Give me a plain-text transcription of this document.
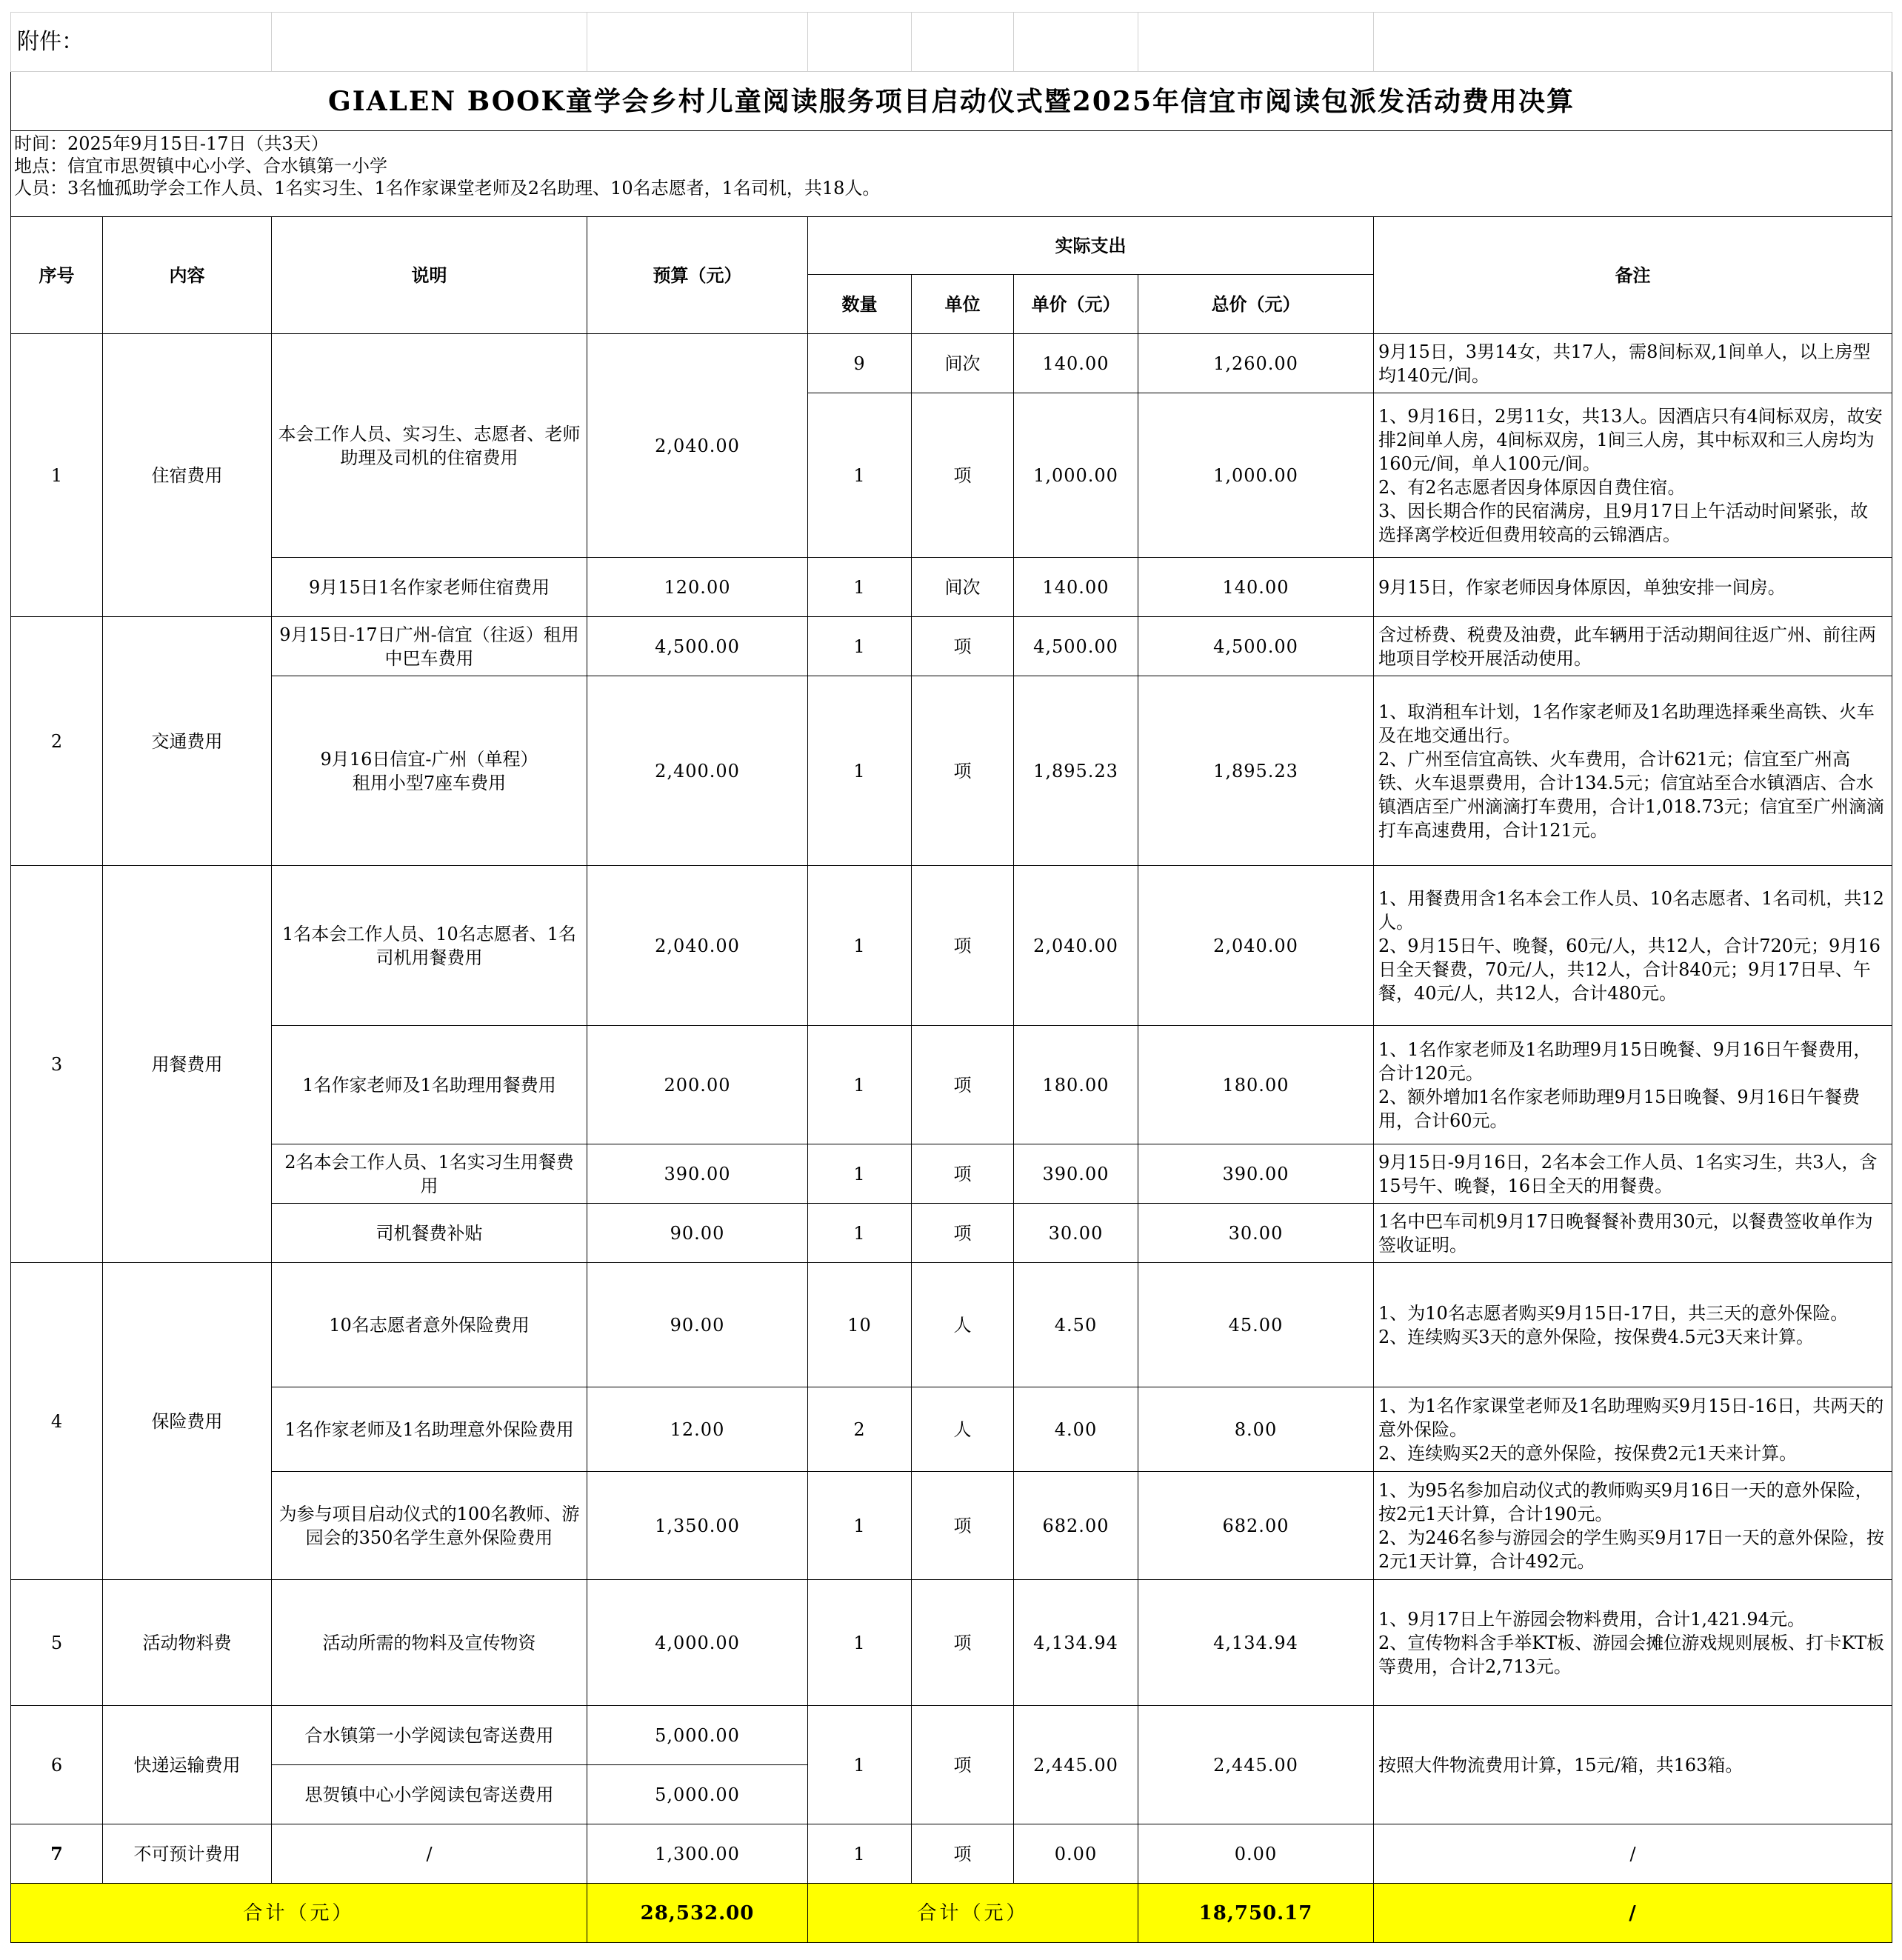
附件：								
GIALEN BOOK童学会乡村儿童阅读服务项目启动仪式暨2025年信宜市阅读包派发活动费用决算								

时间：2025年9月15日-17日（共3天）
地点：信宜市思贺镇中心小学、合水镇第一小学
人员：3名恤孤助学会工作人员、1名实习生、1名作家课堂老师及2名助理、10名志愿者，1名司机，共18人。								

序号	内容	说明	预算（元）	实际支出				备注
				数量	单位	单价（元）	总价（元）	
1	住宿费用	本会工作人员、实习生、志愿者、老师助理及司机的住宿费用	2,040.00	9	间次	140.00	1,260.00	9月15日，3男14女，共17人，需8间标双,1间单人，以上房型均140元/间。
				1	项	1,000.00	1,000.00	1、9月16日，2男11女，共13人。因酒店只有4间标双房，故安排2间单人房，4间标双房，1间三人房，其中标双和三人房均为160元/间，单人100元/间。
2、有2名志愿者因身体原因自费住宿。
3、因长期合作的民宿满房，且9月17日上午活动时间紧张，故选择离学校近但费用较高的云锦酒店。
		9月15日1名作家老师住宿费用	120.00	1	间次	140.00	140.00	9月15日，作家老师因身体原因，单独安排一间房。
2	交通费用	9月15日-17日广州-信宜（往返）租用中巴车费用	4,500.00	1	项	4,500.00	4,500.00	含过桥费、税费及油费，此车辆用于活动期间往返广州、前往两地项目学校开展活动使用。
		9月16日信宜-广州（单程）
租用小型7座车费用	2,400.00	1	项	1,895.23	1,895.23	1、取消租车计划，1名作家老师及1名助理选择乘坐高铁、火车及在地交通出行。
2、广州至信宜高铁、火车费用，合计621元；信宜至广州高铁、火车退票费用，合计134.5元；信宜站至合水镇酒店、合水镇酒店至广州滴滴打车费用，合计1,018.73元；信宜至广州滴滴打车高速费用，合计121元。
3	用餐费用	1名本会工作人员、10名志愿者、1名司机用餐费用	2,040.00	1	项	2,040.00	2,040.00	1、用餐费用含1名本会工作人员、10名志愿者、1名司机，共12人。
2、9月15日午、晚餐，60元/人，共12人，合计720元；9月16日全天餐费，70元/人，共12人，合计840元；9月17日早、午餐，40元/人，共12人，合计480元。
		1名作家老师及1名助理用餐费用	200.00	1	项	180.00	180.00	1、1名作家老师及1名助理9月15日晚餐、9月16日午餐费用，合计120元。
2、额外增加1名作家老师助理9月15日晚餐、9月16日午餐费用，合计60元。
		2名本会工作人员、1名实习生用餐费用	390.00	1	项	390.00	390.00	9月15日-9月16日，2名本会工作人员、1名实习生，共3人，含15号午、晚餐，16日全天的用餐费。
		司机餐费补贴	90.00	1	项	30.00	30.00	1名中巴车司机9月17日晚餐餐补费用30元，以餐费签收单作为签收证明。
4	保险费用	10名志愿者意外保险费用	90.00	10	人	4.50	45.00	1、为10名志愿者购买9月15日-17日，共三天的意外保险。
2、连续购买3天的意外保险，按保费4.5元3天来计算。
		1名作家老师及1名助理意外保险费用	12.00	2	人	4.00	8.00	1、为1名作家课堂老师及1名助理购买9月15日-16日，共两天的意外保险。
2、连续购买2天的意外保险，按保费2元1天来计算。
		为参与项目启动仪式的100名教师、游园会的350名学生意外保险费用	1,350.00	1	项	682.00	682.00	1、为95名参加启动仪式的教师购买9月16日一天的意外保险，按2元1天计算，合计190元。
2、为246名参与游园会的学生购买9月17日一天的意外保险，按2元1天计算，合计492元。
5	活动物料费	活动所需的物料及宣传物资	4,000.00	1	项	4,134.94	4,134.94	1、9月17日上午游园会物料费用，合计1,421.94元。
2、宣传物料含手举KT板、游园会摊位游戏规则展板、打卡KT板等费用，合计2,713元。
6	快递运输费用	合水镇第一小学阅读包寄送费用	5,000.00	1	项	2,445.00	2,445.00	按照大件物流费用计算，15元/箱，共163箱。
		思贺镇中心小学阅读包寄送费用	5,000.00					
7	不可预计费用	/	1,300.00	1	项	0.00	0.00	/
合计（元）			28,532.00	合计（元）			18,750.17	/
